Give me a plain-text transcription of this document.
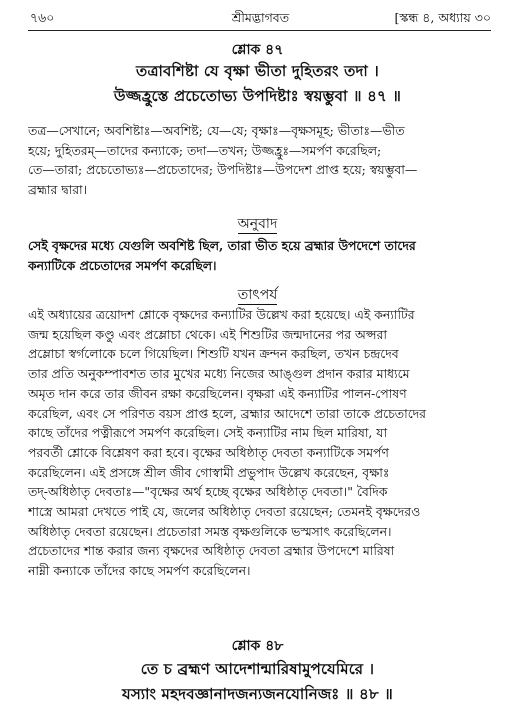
৭৬০	শ্রীমদ্ভাগবত	[স্কন্ধ ৪, অধ্যায় ৩০
শ্লোক ৪৭
তত্রাবশিষ্টা যে বৃক্ষা ভীতা দুহিতরং তদা ।
উজ্জহ্রুস্তে প্রচেতোভ্য উপদিষ্টাঃ স্বয়ম্ভুবা ॥ ৪৭ ॥
তত্র—সেখানে; অবশিষ্টাঃ—অবশিষ্ট; যে—যে; বৃক্ষাঃ—বৃক্ষসমূহ; ভীতাঃ—ভীত
হয়ে; দুহিতরম্—তাদের কন্যাকে; তদা—তখন; উজ্জহ্রুঃ—সমর্পণ করেছিল;
তে—তারা; প্রচেতোভ্যঃ—প্রচেতাদের; উপদিষ্টাঃ—উপদেশ প্রাপ্ত হয়ে; স্বয়ম্ভুবা—
ব্রহ্মার দ্বারা।
অনুবাদ
সেই বৃক্ষদের মধ্যে যেগুলি অবশিষ্ট ছিল, তারা ভীত হয়ে ব্রহ্মার উপদেশে তাদের
কন্যাটিকে প্রচেতাদের সমর্পণ করেছিল।
তাৎপর্য
এই অধ্যায়ের ত্রয়োদশ শ্লোকে বৃক্ষদের কন্যাটির উল্লেখ করা হয়েছে। এই কন্যাটির
জন্ম হয়েছিল কণ্ডু এবং প্রম্লোচা থেকে। এই শিশুটির জন্মদানের পর অপ্সরা
প্রম্লোচা স্বর্গলোকে চলে গিয়েছিল। শিশুটি যখন ক্রন্দন করছিল, তখন চন্দ্রদেব
তার প্রতি অনুকম্পাবশত তার মুখের মধ্যে নিজের আঙ্গুল প্রদান করার মাধ্যমে
অমৃত দান করে তার জীবন রক্ষা করেছিলেন। বৃক্ষরা এই কন্যাটির পালন-পোষণ
করেছিল, এবং সে পরিণত বয়স প্রাপ্ত হলে, ব্রহ্মার আদেশে তারা তাকে প্রচেতাদের
কাছে তাঁদের পত্নীরূপে সমর্পণ করেছিল। সেই কন্যাটির নাম ছিল মারিষা, যা
পরবর্তী শ্লোকে বিশ্লেষণ করা হবে। বৃক্ষের অধিষ্ঠাতৃ দেবতা কন্যাটিকে সমর্পণ
করেছিলেন। এই প্রসঙ্গে শ্রীল জীব গোস্বামী প্রভুপাদ উল্লেখ করেছেন, বৃক্ষাঃ
তদ্-অধিষ্ঠাতৃ দেবতাঃ—"বৃক্ষের অর্থ হচ্ছে বৃক্ষের অধিষ্ঠাতৃ দেবতা।" বৈদিক
শাস্ত্রে আমরা দেখতে পাই যে, জলের অধিষ্ঠাতৃ দেবতা রয়েছেন; তেমনই বৃক্ষদেরও
অধিষ্ঠাতৃ দেবতা রয়েছেন। প্রচেতারা সমস্ত বৃক্ষগুলিকে ভস্মসাৎ করেছিলেন।
প্রচেতাদের শান্ত করার জন্য বৃক্ষদের অধিষ্ঠাতৃ দেবতা ব্রহ্মার উপদেশে মারিষা
নাম্নী কন্যাকে তাঁদের কাছে সমর্পণ করেছিলেন।
শ্লোক ৪৮
তে চ ব্রহ্মণ আদেশান্মারিষামুপযেমিরে ।
যস্যাং মহদবজ্ঞানাদজন্যজনযোনিজঃ ॥ ৪৮ ॥
